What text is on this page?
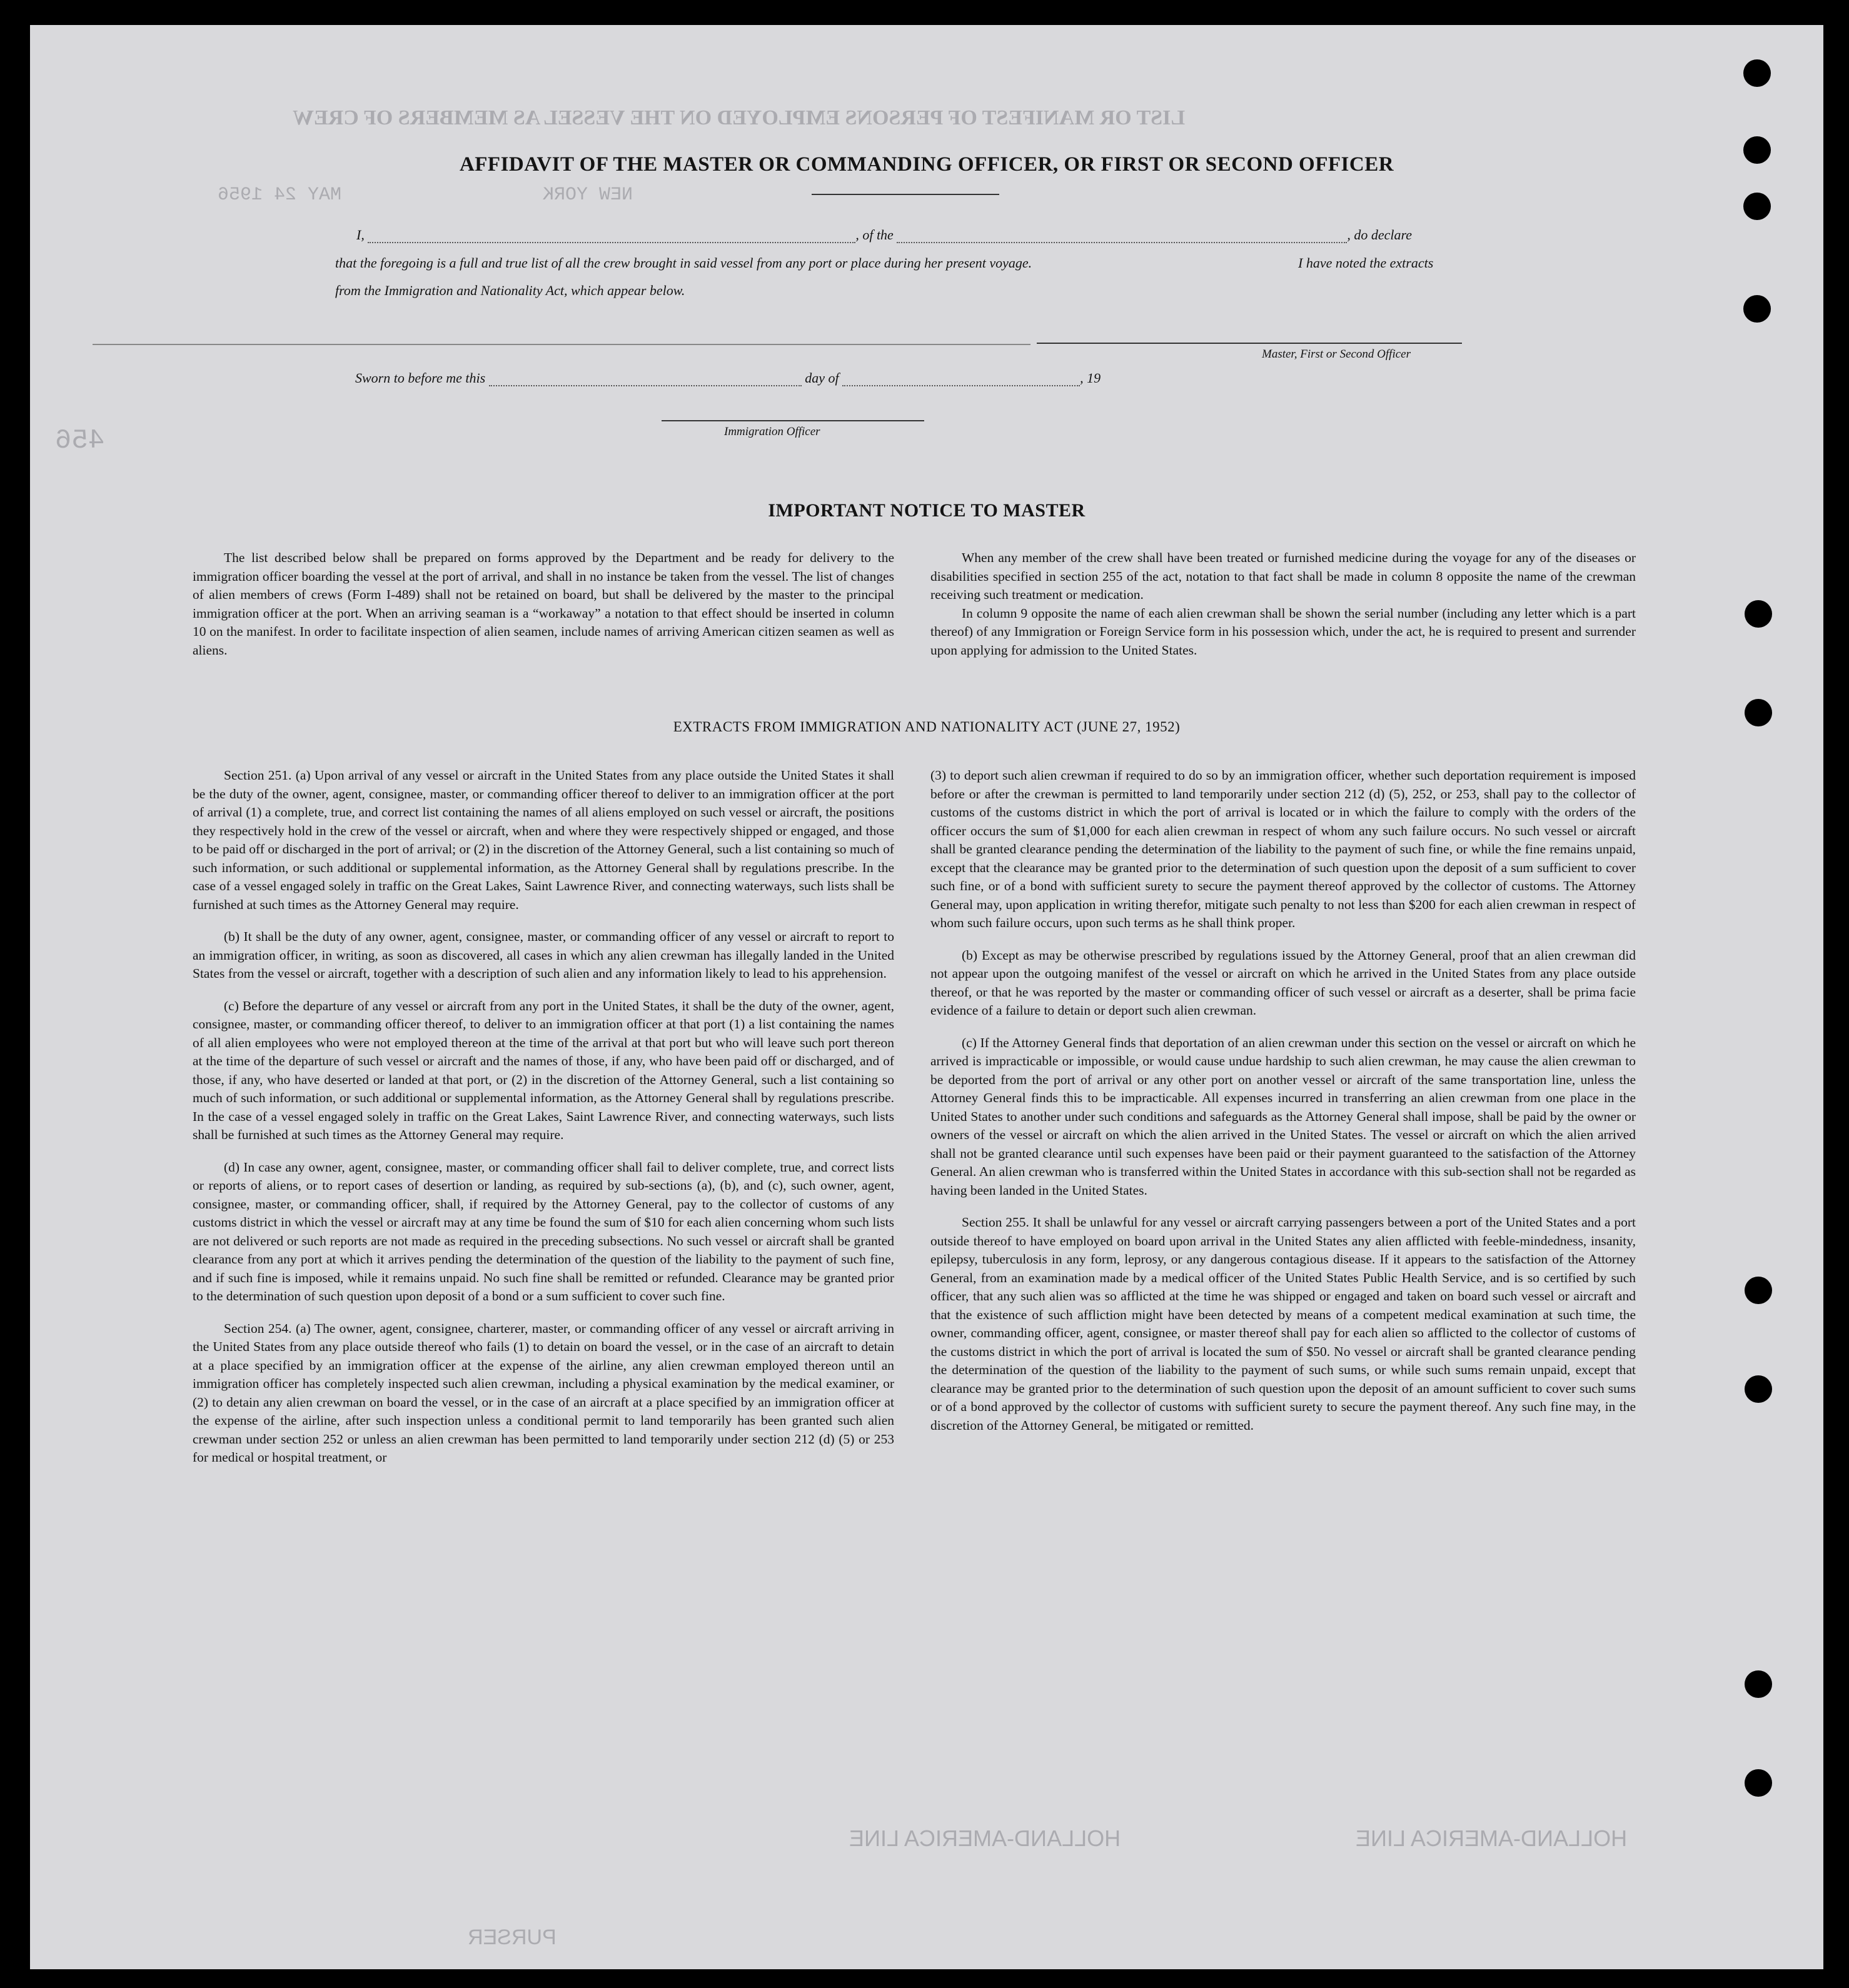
LIST OR MANIFEST OF PERSONS EMPLOYED ON THE VESSEL AS MEMBERS OF CREW
MAY 24 1956	NEW YORK
456
HOLLAND-AMERICA LINE	HOLLAND-AMERICA LINE
PURSER
AFFIDAVIT OF THE MASTER OR COMMANDING OFFICER, OR FIRST OR SECOND OFFICER
I,	, of the	, do declare
that the foregoing is a full and true list of all the crew brought in said vessel from any port or place during her present voyage.	I have noted the extracts
from the Immigration and Nationality Act, which appear below.
Master, First or Second Officer
Sworn to before me this	day of	, 19
Immigration Officer
IMPORTANT NOTICE TO MASTER

The list described below shall be prepared on forms approved by the Department and be ready for delivery to the immigration officer boarding the vessel at the port of arrival, and shall in no instance be taken from the vessel. The list of changes of alien members of crews (Form I-489) shall not be retained on board, but shall be delivered by the master to the principal immigration officer at the port. When an arriving seaman is a “workaway” a notation to that effect should be inserted in column 10 on the manifest. In order to facilitate inspection of alien seamen, include names of arriving American citizen seamen as well as aliens.

When any member of the crew shall have been treated or furnished medicine during the voyage for any of the diseases or disabilities specified in section 255 of the act, notation to that fact shall be made in column 8 opposite the name of the crewman receiving such treatment or medication.

In column 9 opposite the name of each alien crewman shall be shown the serial number (including any letter which is a part thereof) of any Immigration or Foreign Service form in his possession which, under the act, he is required to present and surrender upon applying for admission to the United States.

EXTRACTS FROM IMMIGRATION AND NATIONALITY ACT (JUNE 27, 1952)

Section 251. (a) Upon arrival of any vessel or aircraft in the United States from any place outside the United States it shall be the duty of the owner, agent, consignee, master, or commanding officer thereof to deliver to an immigration officer at the port of arrival (1) a complete, true, and correct list containing the names of all aliens employed on such vessel or aircraft, the positions they respectively hold in the crew of the vessel or aircraft, when and where they were respectively shipped or engaged, and those to be paid off or discharged in the port of arrival; or (2) in the discretion of the Attorney General, such a list containing so much of such information, or such additional or supplemental information, as the Attorney General shall by regulations prescribe. In the case of a vessel engaged solely in traffic on the Great Lakes, Saint Lawrence River, and connecting waterways, such lists shall be furnished at such times as the Attorney General may require.

(b) It shall be the duty of any owner, agent, consignee, master, or commanding officer of any vessel or aircraft to report to an immigration officer, in writing, as soon as discovered, all cases in which any alien crewman has illegally landed in the United States from the vessel or aircraft, together with a description of such alien and any information likely to lead to his apprehension.

(c) Before the departure of any vessel or aircraft from any port in the United States, it shall be the duty of the owner, agent, consignee, master, or commanding officer thereof, to deliver to an immigration officer at that port (1) a list containing the names of all alien employees who were not employed thereon at the time of the arrival at that port but who will leave such port thereon at the time of the departure of such vessel or aircraft and the names of those, if any, who have been paid off or discharged, and of those, if any, who have deserted or landed at that port, or (2) in the discretion of the Attorney General, such a list containing so much of such information, or such additional or supplemental information, as the Attorney General shall by regulations prescribe. In the case of a vessel engaged solely in traffic on the Great Lakes, Saint Lawrence River, and connecting waterways, such lists shall be furnished at such times as the Attorney General may require.

(d) In case any owner, agent, consignee, master, or commanding officer shall fail to deliver complete, true, and correct lists or reports of aliens, or to report cases of desertion or landing, as required by sub-sections (a), (b), and (c), such owner, agent, consignee, master, or commanding officer, shall, if required by the Attorney General, pay to the collector of customs of any customs district in which the vessel or aircraft may at any time be found the sum of $10 for each alien concerning whom such lists are not delivered or such reports are not made as required in the preceding subsections. No such vessel or aircraft shall be granted clearance from any port at which it arrives pending the determination of the question of the liability to the payment of such fine, and if such fine is imposed, while it remains unpaid. No such fine shall be remitted or refunded. Clearance may be granted prior to the determination of such question upon deposit of a bond or a sum sufficient to cover such fine.

Section 254. (a) The owner, agent, consignee, charterer, master, or commanding officer of any vessel or aircraft arriving in the United States from any place outside thereof who fails (1) to detain on board the vessel, or in the case of an aircraft to detain at a place specified by an immigration officer at the expense of the airline, any alien crewman employed thereon until an immigration officer has completely inspected such alien crewman, including a physical examination by the medical examiner, or (2) to detain any alien crewman on board the vessel, or in the case of an aircraft at a place specified by an immigration officer at the expense of the airline, after such inspection unless a conditional permit to land temporarily has been granted such alien crewman under section 252 or unless an alien crewman has been permitted to land temporarily under section 212 (d) (5) or 253 for medical or hospital treatment, or

(3) to deport such alien crewman if required to do so by an immigration officer, whether such deportation requirement is imposed before or after the crewman is permitted to land temporarily under section 212 (d) (5), 252, or 253, shall pay to the collector of customs of the customs district in which the port of arrival is located or in which the failure to comply with the orders of the officer occurs the sum of $1,000 for each alien crewman in respect of whom any such failure occurs. No such vessel or aircraft shall be granted clearance pending the determination of the liability to the payment of such fine, or while the fine remains unpaid, except that the clearance may be granted prior to the determination of such question upon the deposit of a sum sufficient to cover such fine, or of a bond with sufficient surety to secure the payment thereof approved by the collector of customs. The Attorney General may, upon application in writing therefor, mitigate such penalty to not less than $200 for each alien crewman in respect of whom such failure occurs, upon such terms as he shall think proper.

(b) Except as may be otherwise prescribed by regulations issued by the Attorney General, proof that an alien crewman did not appear upon the outgoing manifest of the vessel or aircraft on which he arrived in the United States from any place outside thereof, or that he was reported by the master or commanding officer of such vessel or aircraft as a deserter, shall be prima facie evidence of a failure to detain or deport such alien crewman.

(c) If the Attorney General finds that deportation of an alien crewman under this section on the vessel or aircraft on which he arrived is impracticable or impossible, or would cause undue hardship to such alien crewman, he may cause the alien crewman to be deported from the port of arrival or any other port on another vessel or aircraft of the same transportation line, unless the Attorney General finds this to be impracticable. All expenses incurred in transferring an alien crewman from one place in the United States to another under such conditions and safeguards as the Attorney General shall impose, shall be paid by the owner or owners of the vessel or aircraft on which the alien arrived in the United States. The vessel or aircraft on which the alien arrived shall not be granted clearance until such expenses have been paid or their payment guaranteed to the satisfaction of the Attorney General. An alien crewman who is transferred within the United States in accordance with this sub-section shall not be regarded as having been landed in the United States.

Section 255. It shall be unlawful for any vessel or aircraft carrying passengers between a port of the United States and a port outside thereof to have employed on board upon arrival in the United States any alien afflicted with feeble-mindedness, insanity, epilepsy, tuberculosis in any form, leprosy, or any dangerous contagious disease. If it appears to the satisfaction of the Attorney General, from an examination made by a medical officer of the United States Public Health Service, and is so certified by such officer, that any such alien was so afflicted at the time he was shipped or engaged and taken on board such vessel or aircraft and that the existence of such affliction might have been detected by means of a competent medical examination at such time, the owner, commanding officer, agent, consignee, or master thereof shall pay for each alien so afflicted to the collector of customs of the customs district in which the port of arrival is located the sum of $50. No vessel or aircraft shall be granted clearance pending the determination of the question of the liability to the payment of such sums, or while such sums remain unpaid, except that clearance may be granted prior to the determination of such question upon the deposit of an amount sufficient to cover such sums or of a bond approved by the collector of customs with sufficient surety to secure the payment thereof. Any such fine may, in the discretion of the Attorney General, be mitigated or remitted.
